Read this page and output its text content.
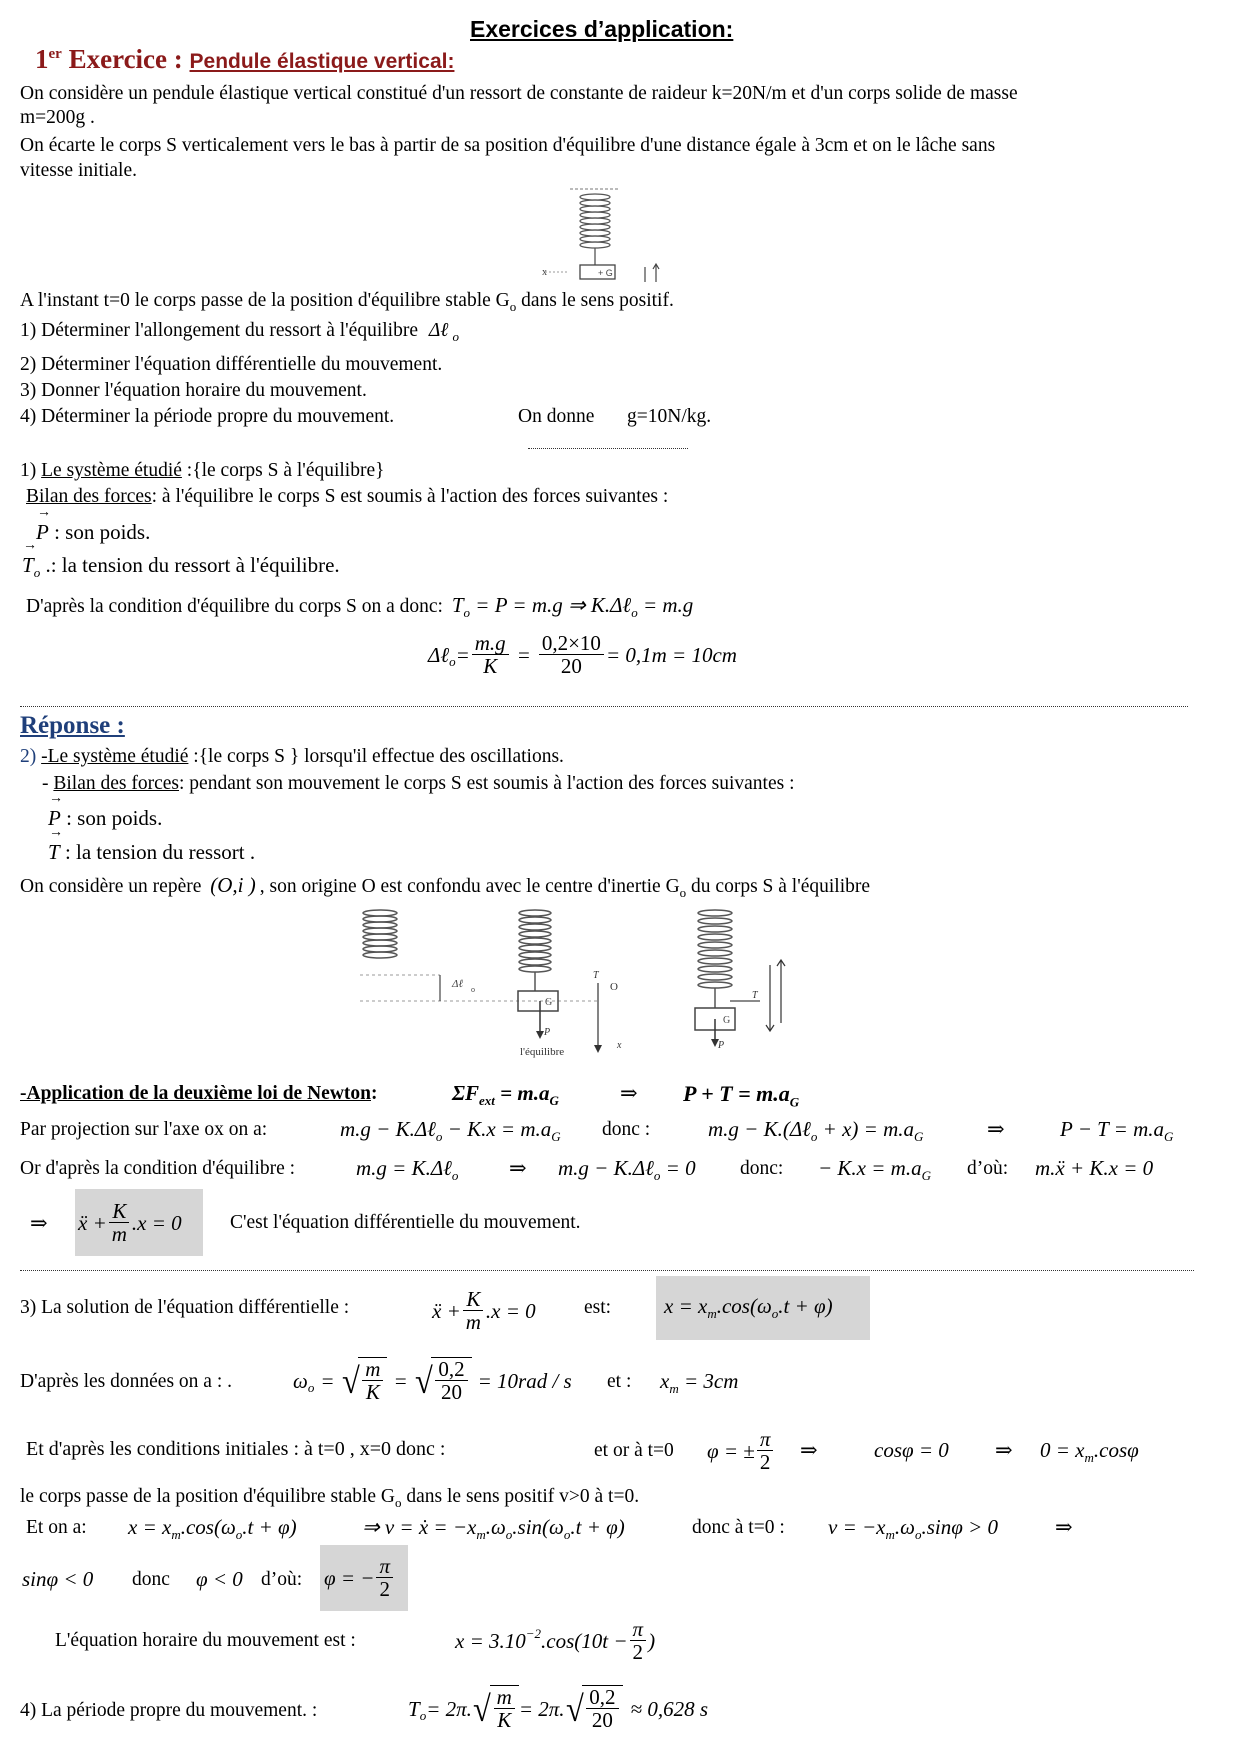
Exercices d’application:
1er Exercice : Pendule élastique vertical:
On considère un pendule élastique vertical constitué d'un ressort de constante de raideur k=20N/m et d'un corps solide de masse
m=200g .
On écarte le corps S verticalement vers le bas à partir de sa position d'équilibre d'une distance égale à 3cm et on le lâche sans
vitesse initiale.
+ G
x
A l'instant t=0 le corps passe de la position d'équilibre stable $G_o$ dans le sens positif.
1) Déterminer l'allongement du ressort à l'équilibre Δℓ $_o$
2) Déterminer l'équation différentielle du mouvement.
3) Donner l'équation horaire du mouvement.
4) Déterminer la période propre du mouvement.	On donne g=10N/kg.
1) Le système étudié :{le corps S à l'équilibre}
Bilan des forces: à l'équilibre le corps S est soumis à l'action des forces suivantes :
→ P : son poids.
→ $T_o$ .: la tension du ressort à l'équilibre.
D'après la condition d'équilibre du corps S on a donc: $T_o = P = m.g$ ⇒ K.Δℓ$_o$ = m.g
Δℓ$_o$ = $\frac{m.g}{K} = \frac{0,2\times 10}{20} = 0,1m = 10cm$
Réponse :
2) -Le système étudié :{le corps S } lorsqu'il effectue des oscillations.
- Bilan des forces: pendant son mouvement le corps S est soumis à l'action des forces suivantes :
→ P : son poids.
→ T : la tension du ressort .
On considère un repère (O,i ) , son origine O est confondu avec le centre d'inertie $G_o$ du corps S à l'équilibre
Δℓ o
G
P
l'équilibre
T
O
x
G
P
T
-Application de la deuxième loi de Newton:	$\Sigma F_{ext} = m.a_G$	⇒ $P + T = m.a_G$
Par projection sur l'axe ox on a:	m.g − K.Δℓ$_o$ − $K.x = m.a_G$ donc :	m.g − K.(Δℓ$_o$ + $x) = m.a_G$	⇒	$P - T = m.a_G$
Or d'après la condition d'équilibre :	m.g = K.Δℓ$_o$ ⇒ m.g − K.Δℓ$_o$ = 0 donc: − $K.x = m.a_G$ d’où: m.ẍ + K.x = 0
⇒ ẍ + $\frac{K}{m} .x = 0$ C'est l'équation différentielle du mouvement.
3) La solution de l'équation différentielle :	ẍ + $\frac{K}{m} .x = 0$ est:	$x = x_m.\cos(\omega_o.t + \varphi)$
D'après les données on a : .	$\omega_o$ = √ $\frac{m}{K}$ = √ $\frac{0,2}{20} = 10rad / s$ et : $x_m = 3cm$
Et d'après les conditions initiales : à t=0 , x=0 donc :	et or à t=0 φ = ± $\frac{\pi}{2}$ ⇒	cosφ = 0 ⇒ $0 = x_m.\cos\varphi$
le corps passe de la position d'équilibre stable $G_o$ dans le sens positif v>0 à t=0.
Et on a: $x = x_m.\cos(\omega_o.t + \varphi)$	⇒ v = ẋ = $-x_m.\omega_o.\sin(\omega_o.t + \varphi)$	donc à t=0 : $v = -x_m.\omega_o.\sin\varphi > 0$	⇒
sinφ < 0 donc φ < 0 d’où: φ = − $\frac{\pi}{2}$
L'équation horaire du mouvement est :	$x = 3.10^{-2}$ $.\cos(10t - \frac{\pi}{2}$ )
4) La période propre du mouvement. :	$T_o = 2\pi$. √ $\frac{m}{K} = 2\pi$. √ $\frac{0,2}{20} \approx 0,628$ s
